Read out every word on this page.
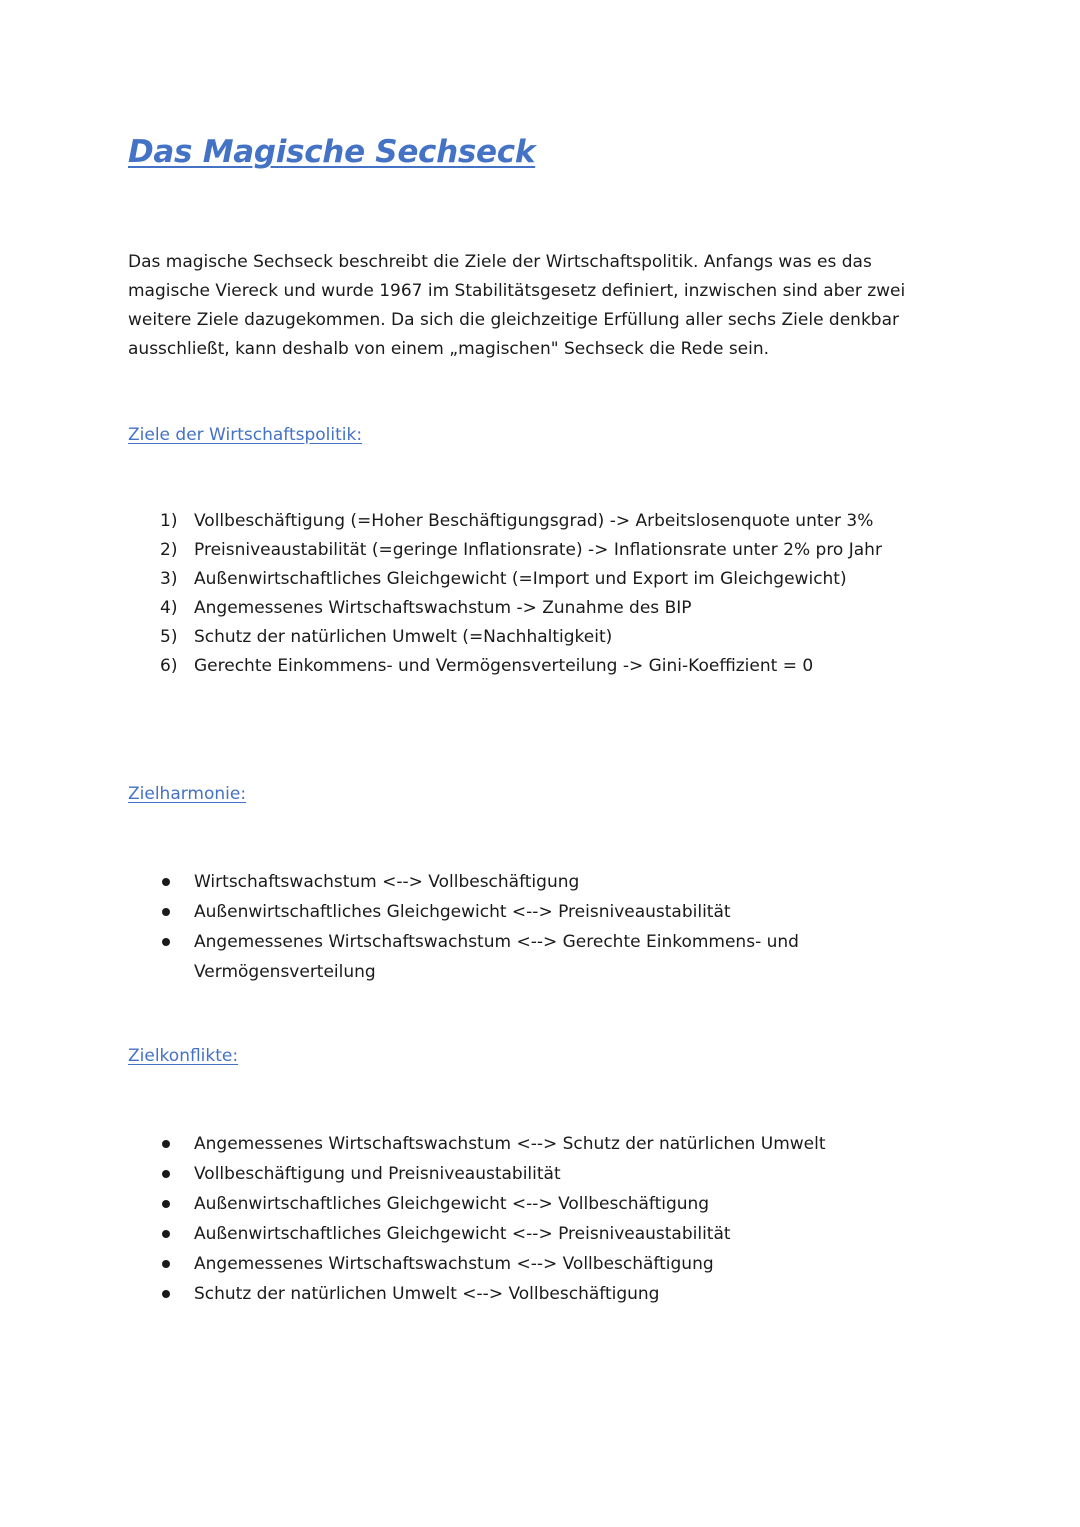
Das Magische Sechseck

Das magische Sechseck beschreibt die Ziele der Wirtschaftspolitik. Anfangs was es das
magische Viereck und wurde 1967 im Stabilitätsgesetz definiert, inzwischen sind aber zwei
weitere Ziele dazugekommen. Da sich die gleichzeitige Erfüllung aller sechs Ziele denkbar
ausschließt, kann deshalb von einem „magischen" Sechseck die Rede sein.

Ziele der Wirtschaftspolitik:
1) Vollbeschäftigung (=Hoher Beschäftigungsgrad) -> Arbeitslosenquote unter 3%
2) Preisniveaustabilität (=geringe Inflationsrate) -> Inflationsrate unter 2% pro Jahr
3) Außenwirtschaftliches Gleichgewicht (=Import und Export im Gleichgewicht)
4) Angemessenes Wirtschaftswachstum -> Zunahme des BIP
5) Schutz der natürlichen Umwelt (=Nachhaltigkeit)
6) Gerechte Einkommens- und Vermögensverteilung -> Gini-Koeffizient = 0
Zielharmonie:
Wirtschaftswachstum <--> Vollbeschäftigung
Außenwirtschaftliches Gleichgewicht <--> Preisniveaustabilität
Angemessenes Wirtschaftswachstum <--> Gerechte Einkommens- und
Vermögensverteilung
Zielkonflikte:
Angemessenes Wirtschaftswachstum <--> Schutz der natürlichen Umwelt
Vollbeschäftigung und Preisniveaustabilität
Außenwirtschaftliches Gleichgewicht <--> Vollbeschäftigung
Außenwirtschaftliches Gleichgewicht <--> Preisniveaustabilität
Angemessenes Wirtschaftswachstum <--> Vollbeschäftigung
Schutz der natürlichen Umwelt <--> Vollbeschäftigung
